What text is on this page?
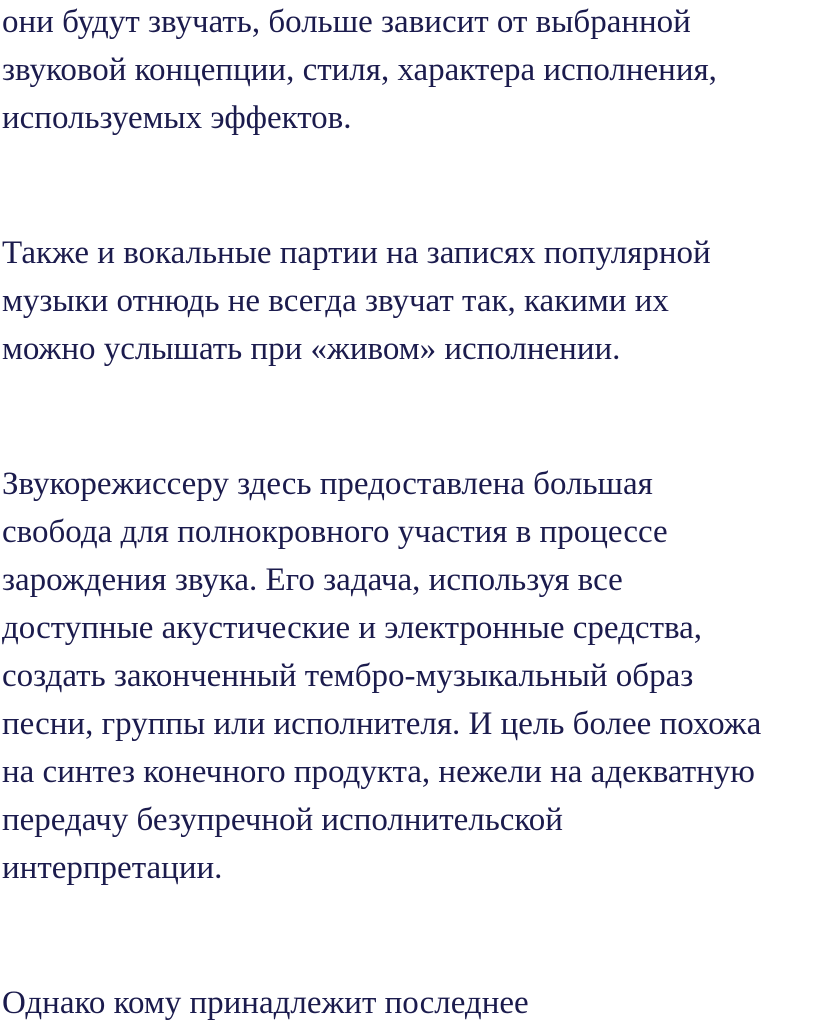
они будут звучать, больше зависит от выбранной

звуковой концепции, стиля, характера исполнения,

используемых эффектов.

Также и вокальные партии на записях популярной

музыки отнюдь не всегда звучат так, какими их

можно услышать при «живом» исполнении.

Звукорежиссеру здесь предоставлена большая

свобода для полнокровного участия в процессе

зарождения звука. Его задача, используя все

доступные акустические и электронные средства,

создать законченный тембро-музыкальный образ

песни, группы или исполнителя. И цель более похожа

на синтез конечного продукта, нежели на адекватную

передачу безупречной исполнительской

интерпретации.

Однако кому принадлежит последнее
